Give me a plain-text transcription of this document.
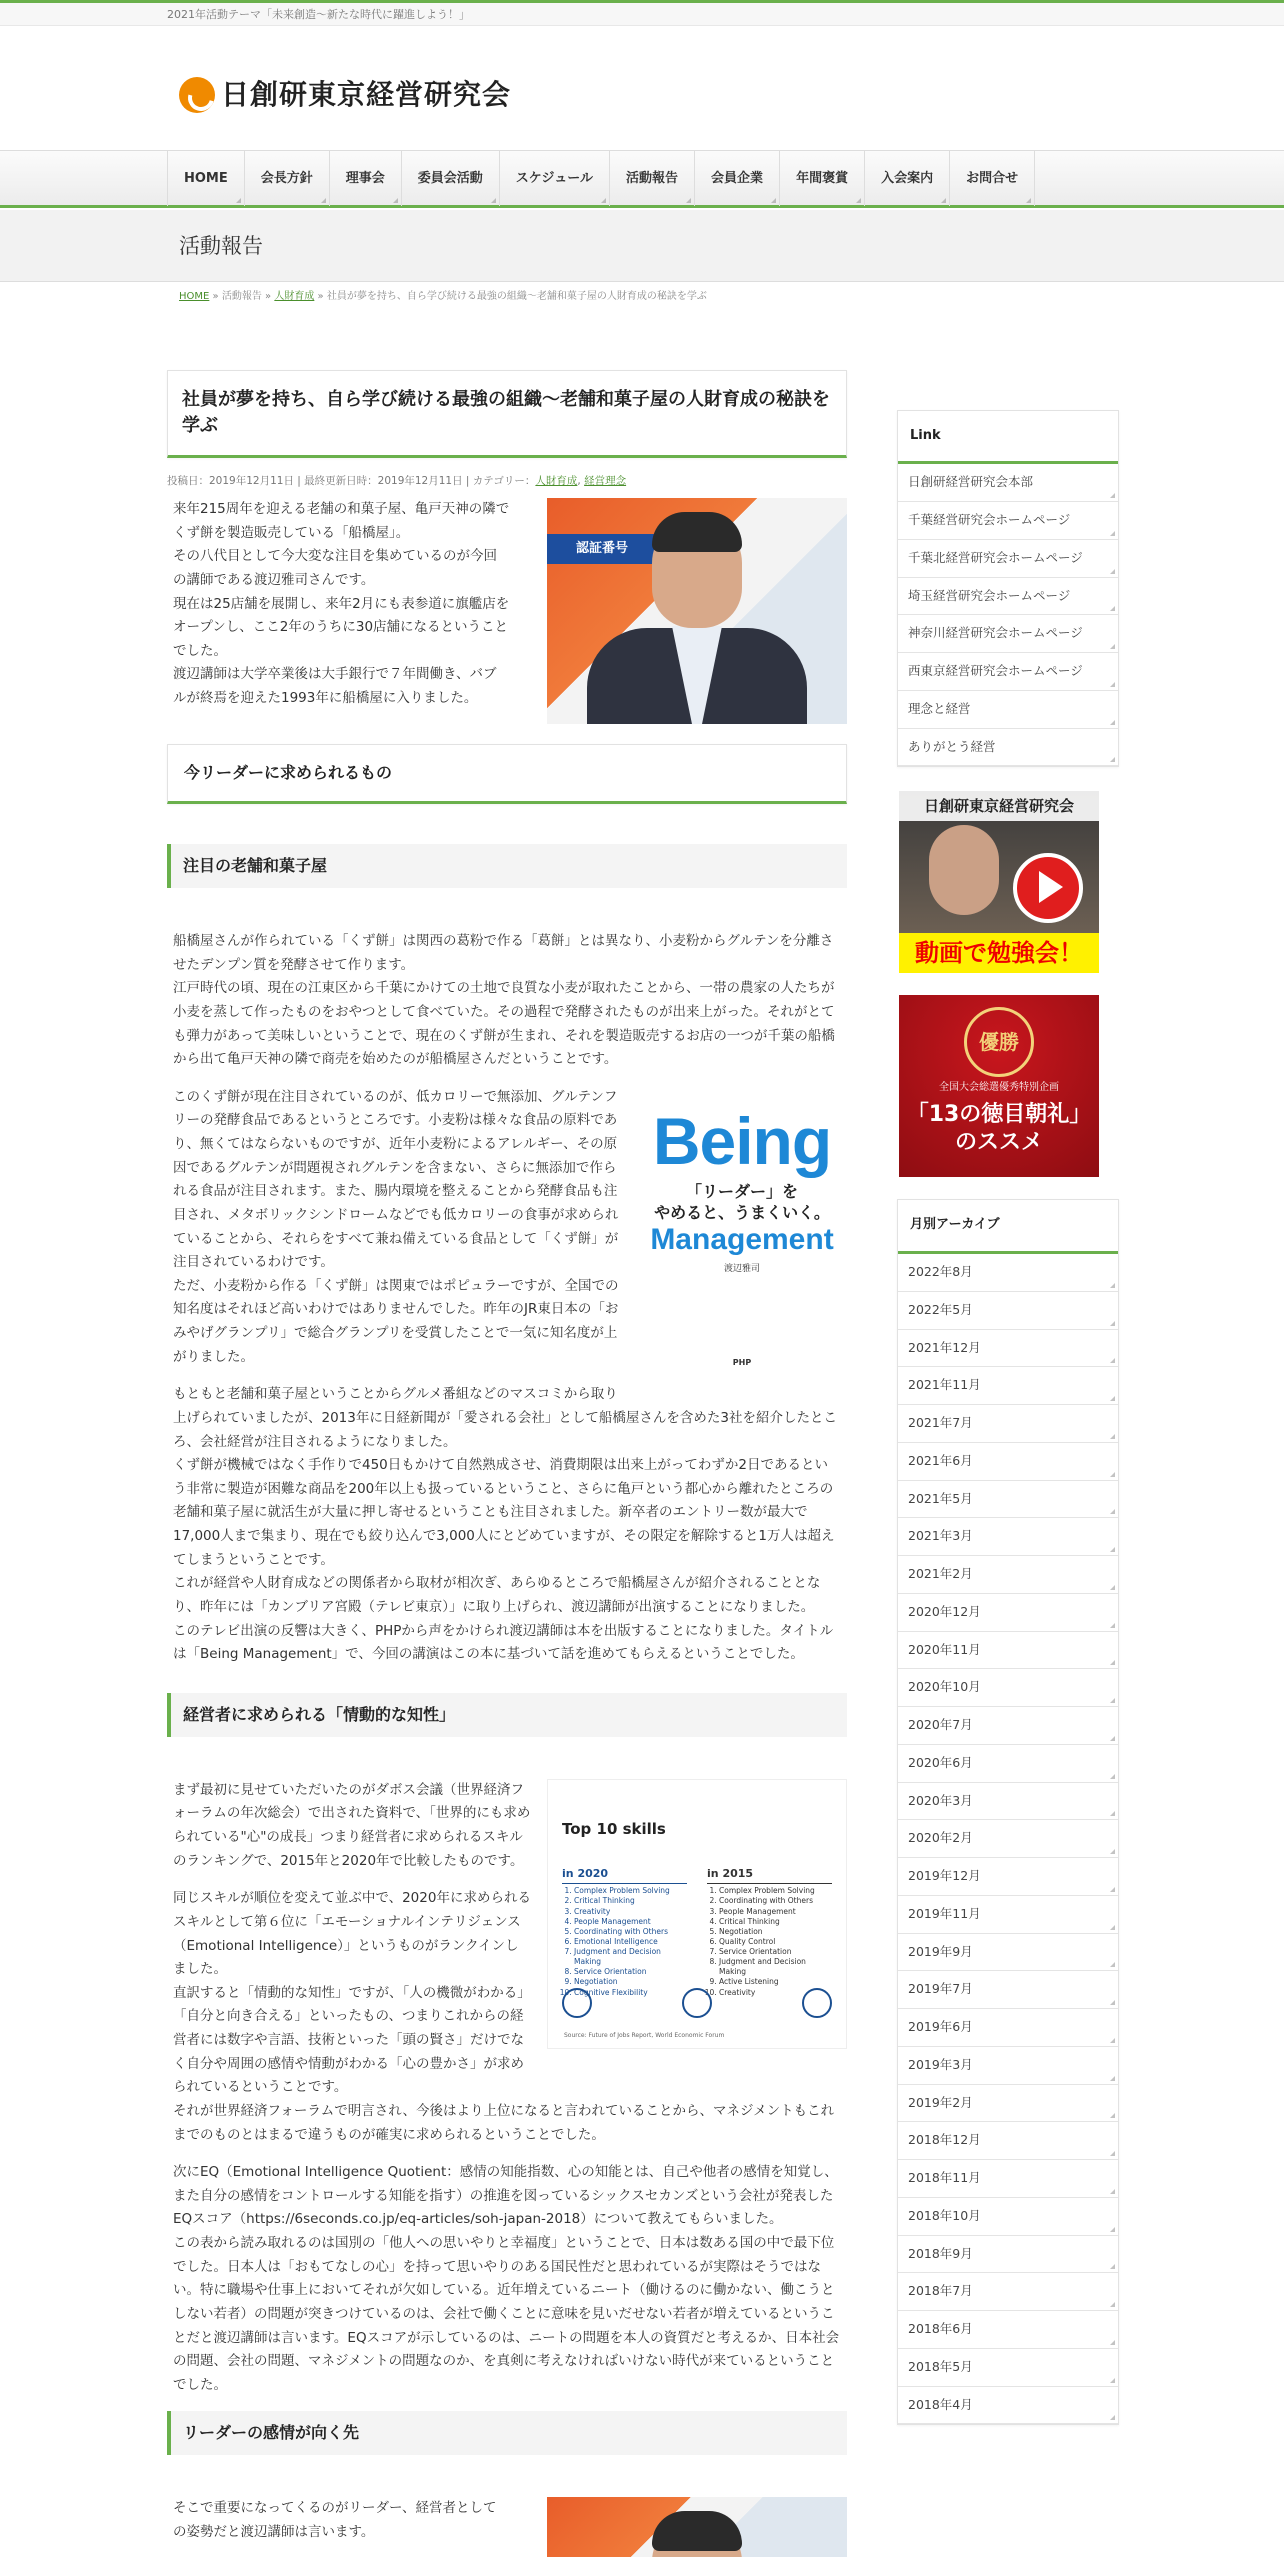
2021年活動テーマ「未来創造〜新たな時代に躍進しよう！」
日創研東京経営研究会
HOME	会長方針	理事会	委員会活動	スケジュール	活動報告	会員企業	年間褒賞	入会案内	お問合せ
活動報告
HOME » 活動報告 » 人財育成 » 社員が夢を持ち、自ら学び続ける最強の組織〜老舗和菓子屋の人財育成の秘訣を学ぶ
社員が夢を持ち、自ら学び続ける最強の組織〜老舗和菓子屋の人財育成の秘訣を学ぶ
投稿日：2019年12月11日 | 最終更新日時：2019年12月11日 | カテゴリー：人財育成, 経営理念
認証番号

来年215周年を迎える老舗の和菓子屋、亀戸天神の隣で
くず餅を製造販売している「船橋屋」。
その八代目として今大変な注目を集めているのが今回
の講師である渡辺雅司さんです。
現在は25店舗を展開し、来年2月にも表参道に旗艦店を
オープンし、ここ2年のうちに30店舗になるということ
でした。
渡辺講師は大学卒業後は大手銀行で７年間働き、バブ
ルが終焉を迎えた1993年に船橋屋に入りました。

今リーダーに求められるもの
注目の老舗和菓子屋

船橋屋さんが作られている「くず餅」は関西の葛粉で作る「葛餅」とは異なり、小麦粉からグルテンを分離させたデンプン質を発酵させて作ります。
江戸時代の頃、現在の江東区から千葉にかけての土地で良質な小麦が取れたことから、一帯の農家の人たちが小麦を蒸して作ったものをおやつとして食べていた。その過程で発酵されたものが出来上がった。それがとても弾力があって美味しいということで、現在のくず餅が生まれ、それを製造販売するお店の一つが千葉の船橋から出て亀戸天神の隣で商売を始めたのが船橋屋さんだということです。

Being
「リーダー」を
やめると、うまくいく。
Management
渡辺雅司
PHP

このくず餅が現在注目されているのが、低カロリーで無添加、グルテンフリーの発酵食品であるというところです。小麦粉は様々な食品の原料であり、無くてはならないものですが、近年小麦粉によるアレルギー、その原因であるグルテンが問題視されグルテンを含まない、さらに無添加で作られる食品が注目されます。また、腸内環境を整えることから発酵食品も注目され、メタボリックシンドロームなどでも低カロリーの食事が求められていることから、それらをすべて兼ね備えている食品として「くず餅」が注目されているわけです。
ただ、小麦粉から作る「くず餅」は関東ではポピュラーですが、全国での知名度はそれほど高いわけではありませんでした。昨年のJR東日本の「おみやげグランプリ」で総合グランプリを受賞したことで一気に知名度が上がりました。

もともと老舗和菓子屋ということからグルメ番組などのマスコミから取り上げられていましたが、2013年に日経新聞が「愛される会社」として船橋屋さんを含めた3社を紹介したところ、会社経営が注目されるようになりました。
くず餅が機械ではなく手作りで450日もかけて自然熟成させ、消費期限は出来上がってわずか2日であるという非常に製造が困難な商品を200年以上も扱っているということ、さらに亀戸という都心から離れたところの老舗和菓子屋に就活生が大量に押し寄せるということも注目されました。新卒者のエントリー数が最大で17,000人まで集まり、現在でも絞り込んで3,000人にとどめていますが、その限定を解除すると1万人は超えてしまうということです。
これが経営や人財育成などの関係者から取材が相次ぎ、あらゆるところで船橋屋さんが紹介されることとなり、昨年には「カンブリア宮殿（テレビ東京）」に取り上げられ、渡辺講師が出演することになりました。
このテレビ出演の反響は大きく、PHPから声をかけられ渡辺講師は本を出版することになりました。タイトルは「Being Management」で、今回の講演はこの本に基づいて話を進めてもらえるということでした。

経営者に求められる「情動的な知性」
Top 10 skills
in 2020
1. Complex Problem Solving
2. Critical Thinking
3. Creativity
4. People Management
5. Coordinating with Others
6. Emotional Intelligence
7. Judgment and Decision Making
8. Service Orientation
9. Negotiation
10. Cognitive Flexibility
in 2015
1. Complex Problem Solving
2. Coordinating with Others
3. People Management
4. Critical Thinking
5. Negotiation
6. Quality Control
7. Service Orientation
8. Judgment and Decision Making
9. Active Listening
10. Creativity
Source: Future of Jobs Report, World Economic Forum

まず最初に見せていただいたのがダボス会議（世界経済フォーラムの年次総会）で出された資料で、「世界的にも求められている"心"の成長」つまり経営者に求められるスキルのランキングで、2015年と2020年で比較したものです。

同じスキルが順位を変えて並ぶ中で、2020年に求められるスキルとして第６位に「エモーショナルインテリジェンス（Emotional Intelligence）」というものがランクインしました。
直訳すると「情動的な知性」ですが、「人の機微がわかる」「自分と向き合える」といったもの、つまりこれからの経営者には数字や言語、技術といった「頭の賢さ」だけでなく自分や周囲の感情や情動がわかる「心の豊かさ」が求められているということです。
それが世界経済フォーラムで明言され、今後はより上位になると言われていることから、マネジメントもこれまでのものとはまるで違うものが確実に求められるということでした。

次にEQ（Emotional Intelligence Quotient：感情の知能指数、心の知能とは、自己や他者の感情を知覚し、また自分の感情をコントロールする知能を指す）の推進を図っているシックスセカンズという会社が発表したEQスコア（https://6seconds.co.jp/eq-articles/soh-japan-2018）について教えてもらいました。
この表から読み取れるのは国別の「他人への思いやりと幸福度」ということで、日本は数ある国の中で最下位でした。日本人は「おもてなしの心」を持って思いやりのある国民性だと思われているが実際はそうではない。特に職場や仕事上においてそれが欠如している。近年増えているニート（働けるのに働かない、働こうとしない若者）の問題が突きつけているのは、会社で働くことに意味を見いだせない若者が増えているということだと渡辺講師は言います。EQスコアが示しているのは、ニートの問題を本人の資質だと考えるか、日本社会の問題、会社の問題、マネジメントの問題なのか、を真剣に考えなければいけない時代が来ているということでした。

リーダーの感情が向く先

そこで重要になってくるのがリーダー、経営者として
の姿勢だと渡辺講師は言います。

Link
日創研経営研究会本部
千葉経営研究会ホームページ
千葉北経営研究会ホームページ
埼玉経営研究会ホームページ
神奈川経営研究会ホームページ
西東京経営研究会ホームページ
理念と経営
ありがとう経営
日創研東京経営研究会
動画で勉強会！
優勝
全国大会総選優秀特別企画
「13の徳目朝礼」
のススメ
月別アーカイブ
2022年8月
2022年5月
2021年12月
2021年11月
2021年7月
2021年6月
2021年5月
2021年3月
2021年2月
2020年12月
2020年11月
2020年10月
2020年7月
2020年6月
2020年3月
2020年2月
2019年12月
2019年11月
2019年9月
2019年7月
2019年6月
2019年3月
2019年2月
2018年12月
2018年11月
2018年10月
2018年9月
2018年7月
2018年6月
2018年5月
2018年4月
